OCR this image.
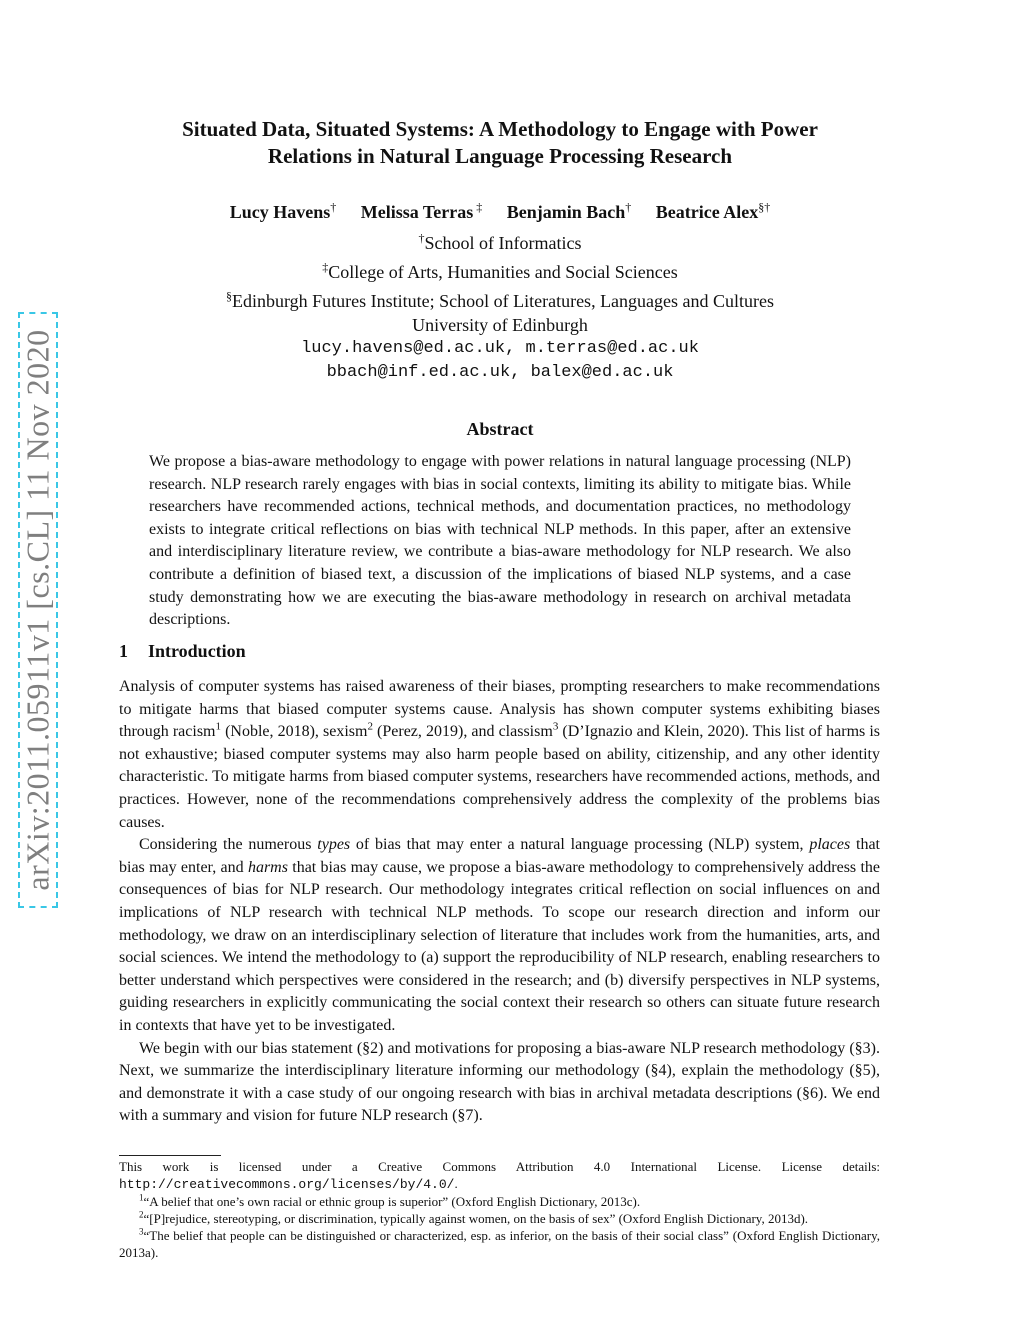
arXiv:2011.05911v1 [cs.CL] 11 Nov 2020
Situated Data, Situated Systems: A Methodology to Engage with Power
Relations in Natural Language Processing Research
Lucy Havens† Melissa Terras ‡ Benjamin Bach† Beatrice Alex§†
†School of Informatics
‡College of Arts, Humanities and Social Sciences
§Edinburgh Futures Institute; School of Literatures, Languages and Cultures
University of Edinburgh
lucy.havens@ed.ac.uk, m.terras@ed.ac.uk
bbach@inf.ed.ac.uk, balex@ed.ac.uk
Abstract

We propose a bias-aware methodology to engage with power relations in natural language processing (NLP) research. NLP research rarely engages with bias in social contexts, limiting its ability to mitigate bias. While researchers have recommended actions, technical methods, and documentation practices, no methodology exists to integrate critical reflections on bias with technical NLP methods. In this paper, after an extensive and interdisciplinary literature review, we contribute a bias-aware methodology for NLP research. We also contribute a definition of biased text, a discussion of the implications of biased NLP systems, and a case study demonstrating how we are executing the bias-aware methodology in research on archival metadata descriptions.

1 Introduction

Analysis of computer systems has raised awareness of their biases, prompting researchers to make recommendations to mitigate harms that biased computer systems cause. Analysis has shown computer systems exhibiting biases through racism$^1$ (Noble, 2018), sexism$^2$ (Perez, 2019), and classism$^3$ (D’Ignazio and Klein, 2020). This list of harms is not exhaustive; biased computer systems may also harm people based on ability, citizenship, and any other identity characteristic. To mitigate harms from biased computer systems, researchers have recommended actions, methods, and practices. However, none of the recommendations comprehensively address the complexity of the problems bias causes.

Considering the numerous types of bias that may enter a natural language processing (NLP) system, places that bias may enter, and harms that bias may cause, we propose a bias-aware methodology to comprehensively address the consequences of bias for NLP research. Our methodology integrates critical reflection on social influences on and implications of NLP research with technical NLP methods. To scope our research direction and inform our methodology, we draw on an interdisciplinary selection of literature that includes work from the humanities, arts, and social sciences. We intend the methodology to (a) support the reproducibility of NLP research, enabling researchers to better understand which perspectives were considered in the research; and (b) diversify perspectives in NLP systems, guiding researchers in explicitly communicating the social context their research so others can situate future research in contexts that have yet to be investigated.

We begin with our bias statement (§2) and motivations for proposing a bias-aware NLP research methodology (§3). Next, we summarize the interdisciplinary literature informing our methodology (§4), explain the methodology (§5), and demonstrate it with a case study of our ongoing research with bias in archival metadata descriptions (§6). We end with a summary and vision for future NLP research (§7).

This work is licensed under a Creative Commons Attribution 4.0 International License. License details: http://creativecommons.org/licenses/by/4.0/.

$^1$“A belief that one’s own racial or ethnic group is superior” (Oxford English Dictionary, 2013c).

$^2$“[P]rejudice, stereotyping, or discrimination, typically against women, on the basis of sex” (Oxford English Dictionary, 2013d).

$^3$“The belief that people can be distinguished or characterized, esp. as inferior, on the basis of their social class” (Oxford English Dictionary, 2013a).
